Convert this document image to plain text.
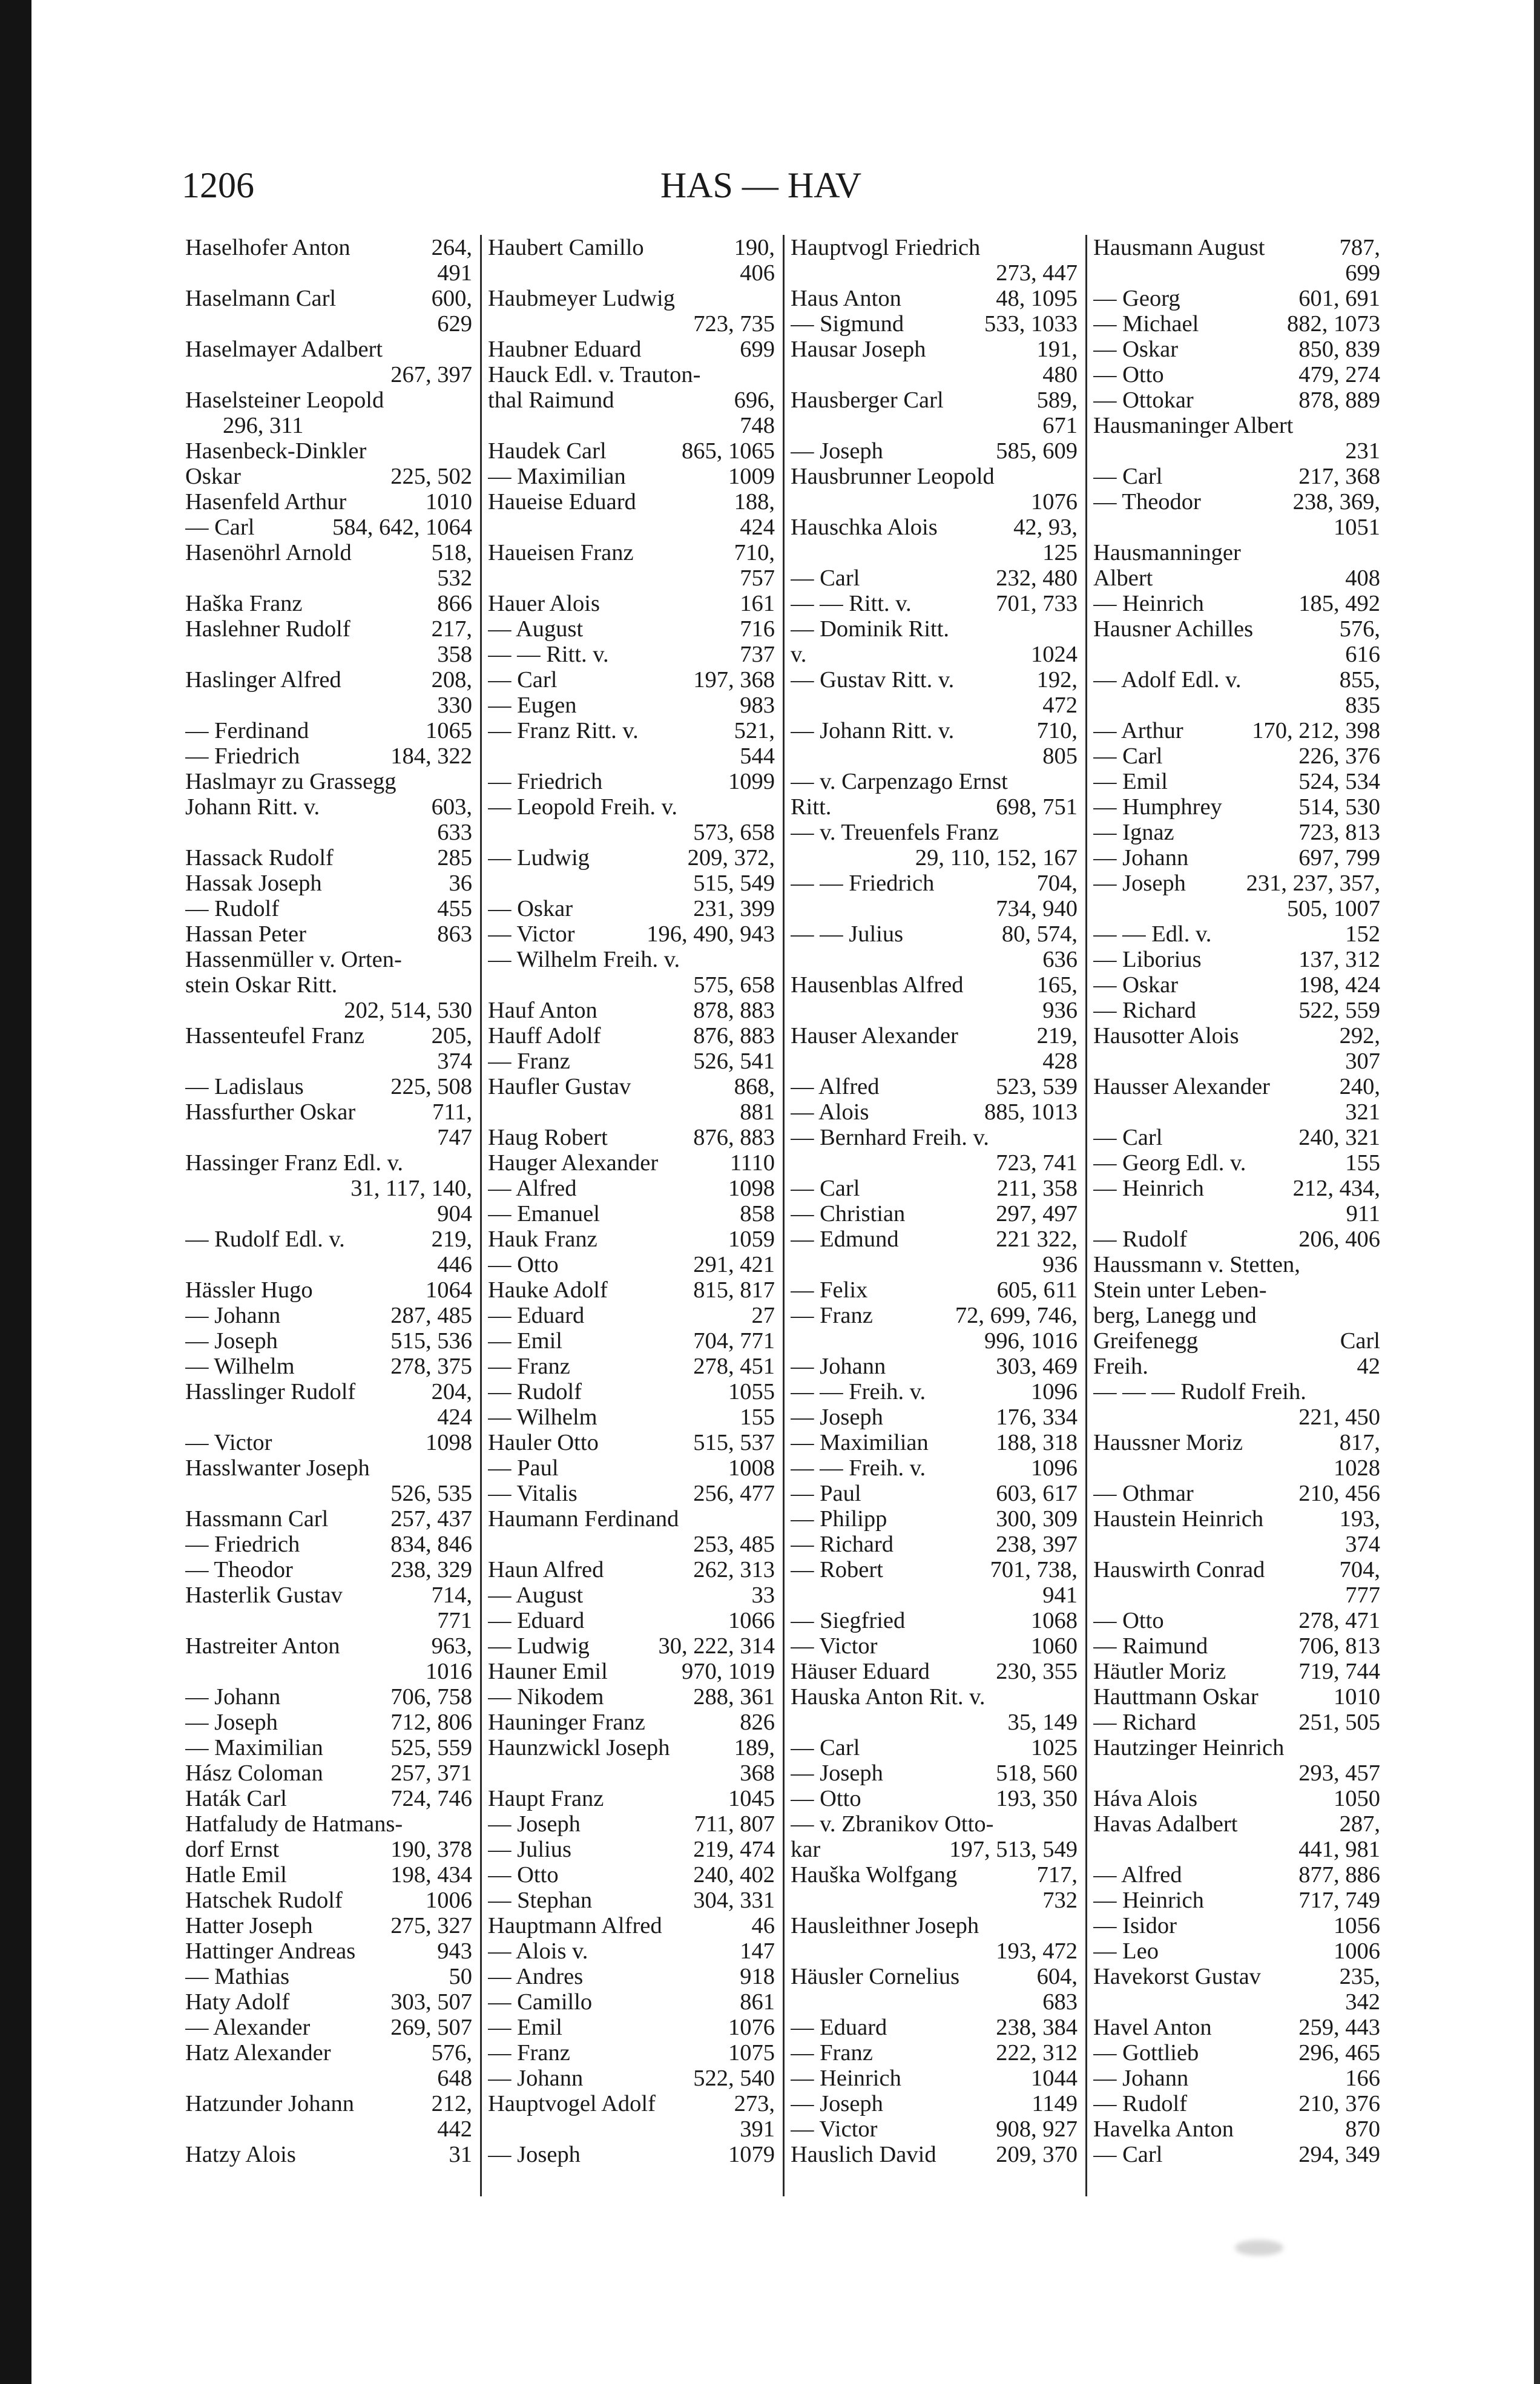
1206	HAS — HAV
Haselhofer Anton	264,
491
Haselmann Carl	600,
629
Haselmayer Adalbert
267, 397
Haselsteiner Leopold
296, 311
Hasenbeck-Dinkler
Oskar	225, 502
Hasenfeld Arthur	1010
— Carl	584, 642, 1064
Hasenöhrl Arnold	518,
532
Haška Franz	866
Haslehner Rudolf	217,
358
Haslinger Alfred	208,
330
— Ferdinand	1065
— Friedrich	184, 322
Haslmayr zu Grassegg
Johann Ritt. v.	603,
633
Hassack Rudolf	285
Hassak Joseph	36
— Rudolf	455
Hassan Peter	863
Hassenmüller v. Orten-
stein Oskar Ritt.
202, 514, 530
Hassenteufel Franz	205,
374
— Ladislaus	225, 508
Hassfurther Oskar	711,
747
Hassinger Franz Edl. v.
31, 117, 140,
904
— Rudolf Edl. v.	219,
446
Hässler Hugo	1064
— Johann	287, 485
— Joseph	515, 536
— Wilhelm	278, 375
Hasslinger Rudolf	204,
424
— Victor	1098
Hasslwanter Joseph
526, 535
Hassmann Carl	257, 437
— Friedrich	834, 846
— Theodor	238, 329
Hasterlik Gustav	714,
771
Hastreiter Anton	963,
1016
— Johann	706, 758
— Joseph	712, 806
— Maximilian	525, 559
Hász Coloman	257, 371
Haták Carl	724, 746
Hatfaludy de Hatmans-
dorf Ernst	190, 378
Hatle Emil	198, 434
Hatschek Rudolf	1006
Hatter Joseph	275, 327
Hattinger Andreas	943
— Mathias	50
Haty Adolf	303, 507
— Alexander	269, 507
Hatz Alexander	576,
648
Hatzunder Johann	212,
442
Hatzy Alois	31
Haubert Camillo	190,
406
Haubmeyer Ludwig
723, 735
Haubner Eduard	699
Hauck Edl. v. Trauton-
thal Raimund	696,
748
Haudek Carl	865, 1065
— Maximilian	1009
Haueise Eduard	188,
424
Haueisen Franz	710,
757
Hauer Alois	161
— August	716
— — Ritt. v.	737
— Carl	197, 368
— Eugen	983
— Franz Ritt. v.	521,
544
— Friedrich	1099
— Leopold Freih. v.
573, 658
— Ludwig	209, 372,
515, 549
— Oskar	231, 399
— Victor	196, 490, 943
— Wilhelm Freih. v.
575, 658
Hauf Anton	878, 883
Hauff Adolf	876, 883
— Franz	526, 541
Haufler Gustav	868,
881
Haug Robert	876, 883
Hauger Alexander	1110
— Alfred	1098
— Emanuel	858
Hauk Franz	1059
— Otto	291, 421
Hauke Adolf	815, 817
— Eduard	27
— Emil	704, 771
— Franz	278, 451
— Rudolf	1055
— Wilhelm	155
Hauler Otto	515, 537
— Paul	1008
— Vitalis	256, 477
Haumann Ferdinand
253, 485
Haun Alfred	262, 313
— August	33
— Eduard	1066
— Ludwig	30, 222, 314
Hauner Emil	970, 1019
— Nikodem	288, 361
Hauninger Franz	826
Haunzwickl Joseph	189,
368
Haupt Franz	1045
— Joseph	711, 807
— Julius	219, 474
— Otto	240, 402
— Stephan	304, 331
Hauptmann Alfred	46
— Alois v.	147
— Andres	918
— Camillo	861
— Emil	1076
— Franz	1075
— Johann	522, 540
Hauptvogel Adolf	273,
391
— Joseph	1079
Hauptvogl Friedrich
273, 447
Haus Anton	48, 1095
— Sigmund	533, 1033
Hausar Joseph	191,
480
Hausberger Carl	589,
671
— Joseph	585, 609
Hausbrunner Leopold
1076
Hauschka Alois	42, 93,
125
— Carl	232, 480
— — Ritt. v.	701, 733
— Dominik Ritt.
v.	1024
— Gustav Ritt. v.	192,
472
— Johann Ritt. v.	710,
805
— v. Carpenzago Ernst
Ritt.	698, 751
— v. Treuenfels Franz
29, 110, 152, 167
— — Friedrich	704,
734, 940
— — Julius	80, 574,
636
Hausenblas Alfred	165,
936
Hauser Alexander	219,
428
— Alfred	523, 539
— Alois	885, 1013
— Bernhard Freih. v.
723, 741
— Carl	211, 358
— Christian	297, 497
— Edmund	221 322,
936
— Felix	605, 611
— Franz	72, 699, 746,
996, 1016
— Johann	303, 469
— — Freih. v.	1096
— Joseph	176, 334
— Maximilian	188, 318
— — Freih. v.	1096
— Paul	603, 617
— Philipp	300, 309
— Richard	238, 397
— Robert	701, 738,
941
— Siegfried	1068
— Victor	1060
Häuser Eduard	230, 355
Hauska Anton Rit. v.
35, 149
— Carl	1025
— Joseph	518, 560
— Otto	193, 350
— v. Zbranikov Otto-
kar	197, 513, 549
Hauška Wolfgang	717,
732
Hausleithner Joseph
193, 472
Häusler Cornelius	604,
683
— Eduard	238, 384
— Franz	222, 312
— Heinrich	1044
— Joseph	1149
— Victor	908, 927
Hauslich David	209, 370
Hausmann August	787,
699
— Georg	601, 691
— Michael	882, 1073
— Oskar	850, 839
— Otto	479, 274
— Ottokar	878, 889
Hausmaninger Albert
231
— Carl	217, 368
— Theodor	238, 369,
1051
Hausmanninger
Albert	408
— Heinrich	185, 492
Hausner Achilles	576,
616
— Adolf Edl. v.	855,
835
— Arthur	170, 212, 398
— Carl	226, 376
— Emil	524, 534
— Humphrey	514, 530
— Ignaz	723, 813
— Johann	697, 799
— Joseph	231, 237, 357,
505, 1007
— — Edl. v.	152
— Liborius	137, 312
— Oskar	198, 424
— Richard	522, 559
Hausotter Alois	292,
307
Hausser Alexander	240,
321
— Carl	240, 321
— Georg Edl. v.	155
— Heinrich	212, 434,
911
— Rudolf	206, 406
Haussmann v. Stetten,
Stein unter Leben-
berg, Lanegg und
Greifenegg	Carl
Freih.	42
— — — Rudolf Freih.
221, 450
Haussner Moriz	817,
1028
— Othmar	210, 456
Haustein Heinrich	193,
374
Hauswirth Conrad	704,
777
— Otto	278, 471
— Raimund	706, 813
Häutler Moriz	719, 744
Hauttmann Oskar	1010
— Richard	251, 505
Hautzinger Heinrich
293, 457
Háva Alois	1050
Havas Adalbert	287,
441, 981
— Alfred	877, 886
— Heinrich	717, 749
— Isidor	1056
— Leo	1006
Havekorst Gustav	235,
342
Havel Anton	259, 443
— Gottlieb	296, 465
— Johann	166
— Rudolf	210, 376
Havelka Anton	870
— Carl	294, 349
